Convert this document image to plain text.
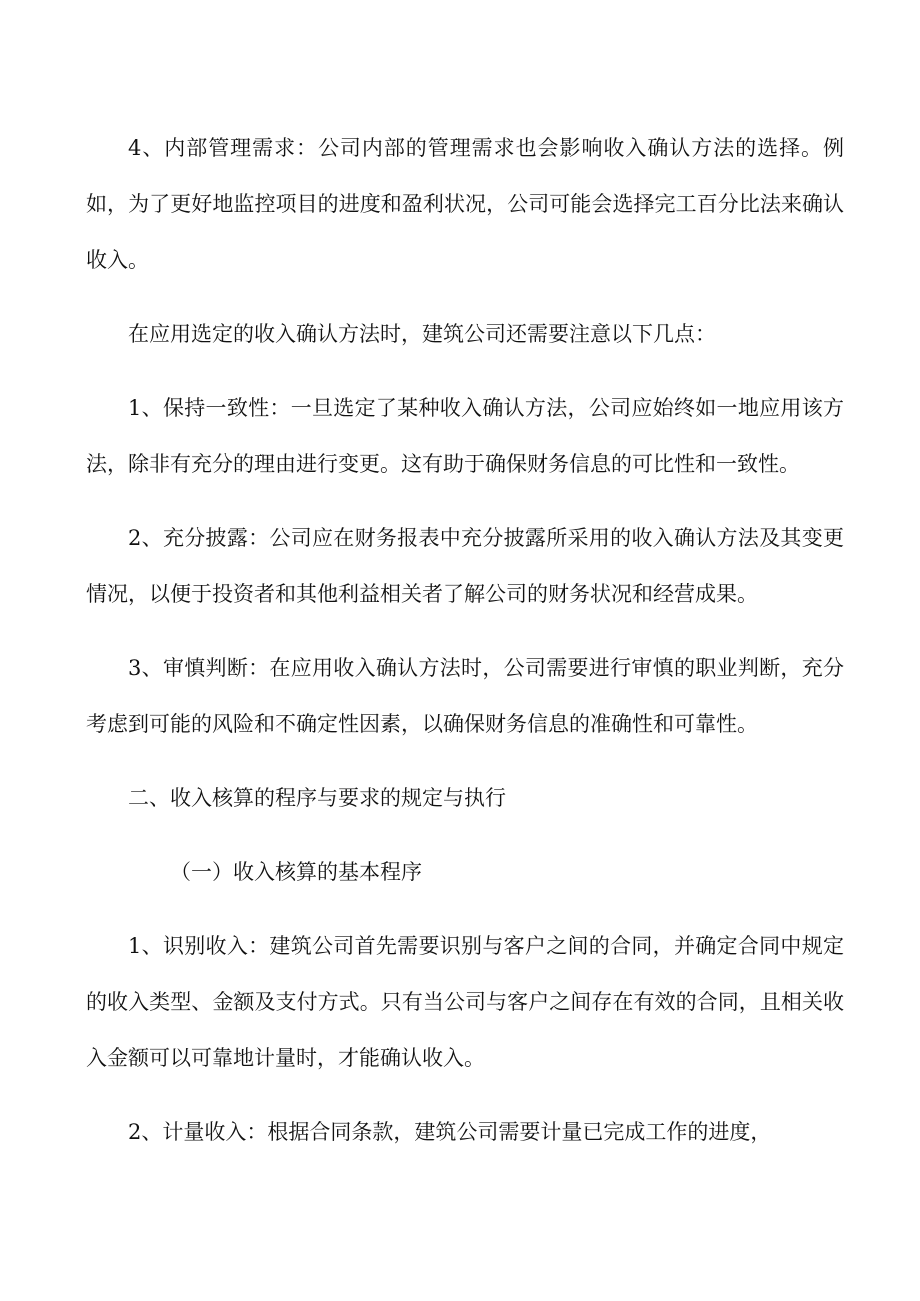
4、内部管理需求：公司内部的管理需求也会影响收入确认方法的选择。例如，为了更好地监控项目的进度和盈利状况，公司可能会选择完工百分比法来确认收入。

在应用选定的收入确认方法时，建筑公司还需要注意以下几点：

1、保持一致性：一旦选定了某种收入确认方法，公司应始终如一地应用该方法，除非有充分的理由进行变更。这有助于确保财务信息的可比性和一致性。

2、充分披露：公司应在财务报表中充分披露所采用的收入确认方法及其变更情况，以便于投资者和其他利益相关者了解公司的财务状况和经营成果。

3、审慎判断：在应用收入确认方法时，公司需要进行审慎的职业判断，充分考虑到可能的风险和不确定性因素，以确保财务信息的准确性和可靠性。

二、收入核算的程序与要求的规定与执行

（一）收入核算的基本程序

1、识别收入：建筑公司首先需要识别与客户之间的合同，并确定合同中规定的收入类型、金额及支付方式。只有当公司与客户之间存在有效的合同，且相关收入金额可以可靠地计量时，才能确认收入。

2、计量收入：根据合同条款，建筑公司需要计量已完成工作的进度，
